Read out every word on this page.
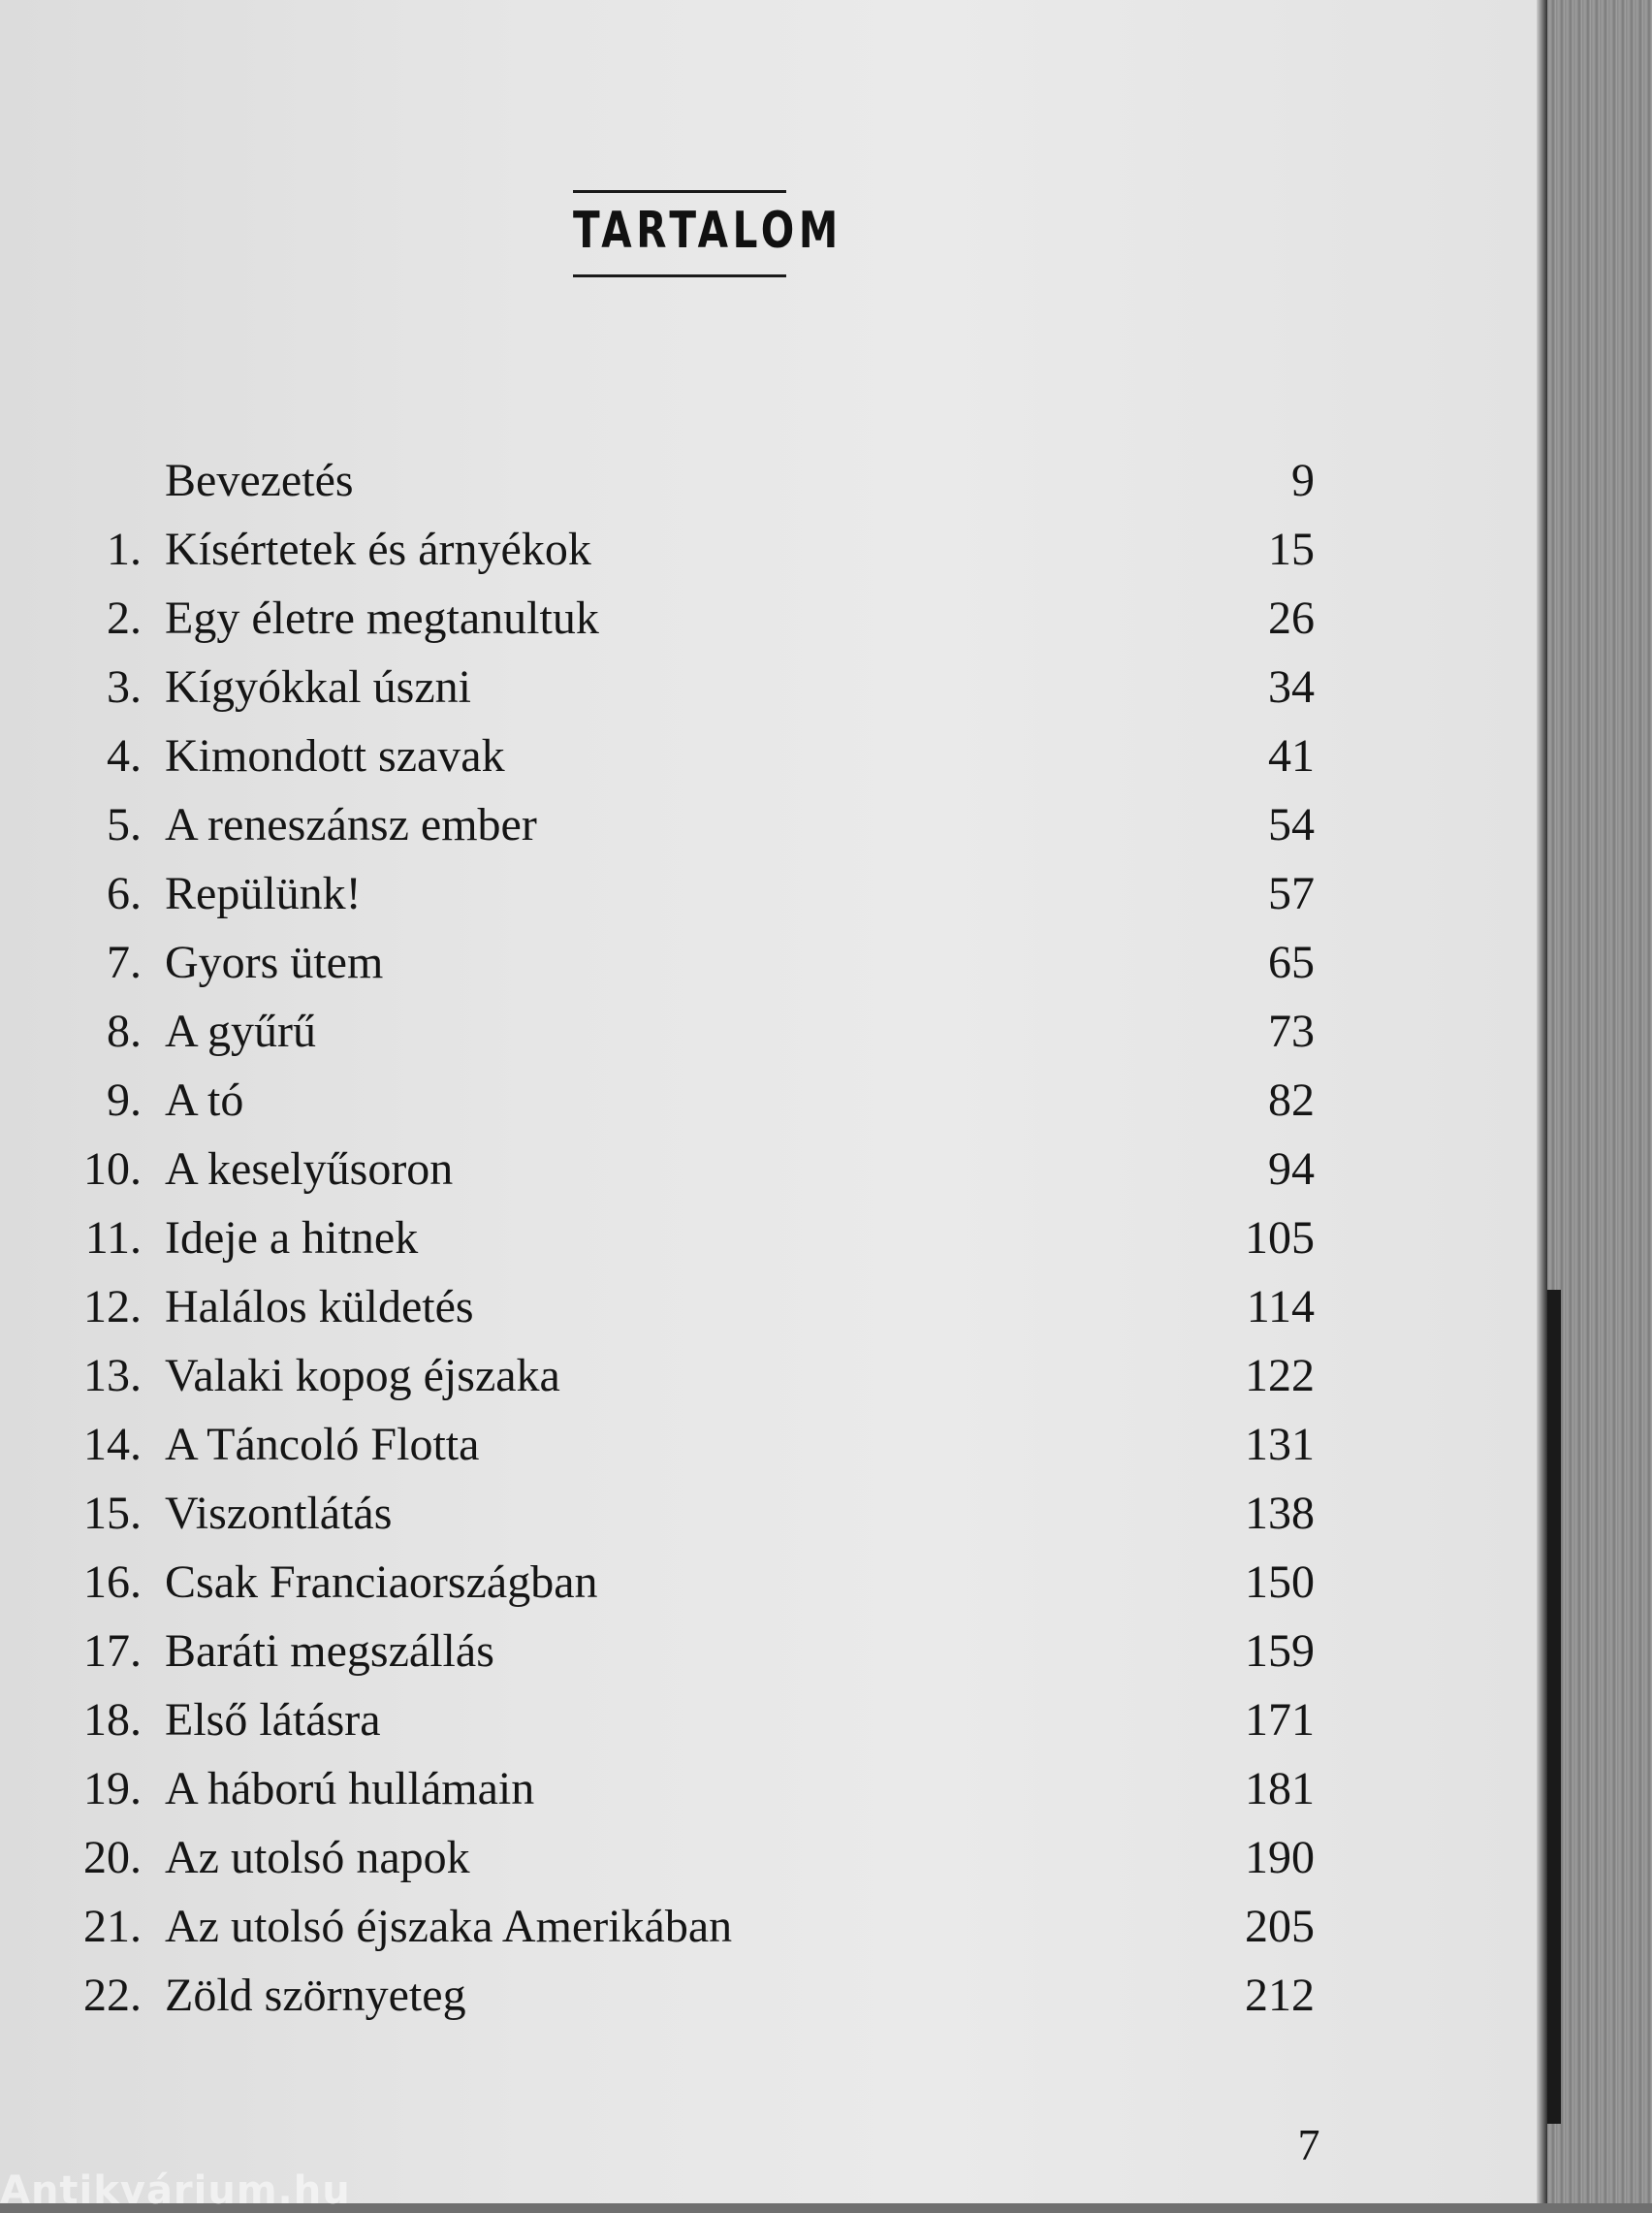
TARTALOM
Bevezetés	9
1. Kísértetek és árnyékok	15
2. Egy életre megtanultuk	26
3. Kígyókkal úszni	34
4. Kimondott szavak	41
5. A reneszánsz ember	54
6. Repülünk!	57
7. Gyors ütem	65
8. A gyűrű	73
9. A tó	82
10. A keselyűsoron	94
11. Ideje a hitnek	105
12. Halálos küldetés	114
13. Valaki kopog éjszaka	122
14. A Táncoló Flotta	131
15. Viszontlátás	138
16. Csak Franciaországban	150
17. Baráti megszállás	159
18. Első látásra	171
19. A háború hullámain	181
20. Az utolsó napok	190
21. Az utolsó éjszaka Amerikában	205
22. Zöld szörnyeteg	212
7
Antikvárium.hu
